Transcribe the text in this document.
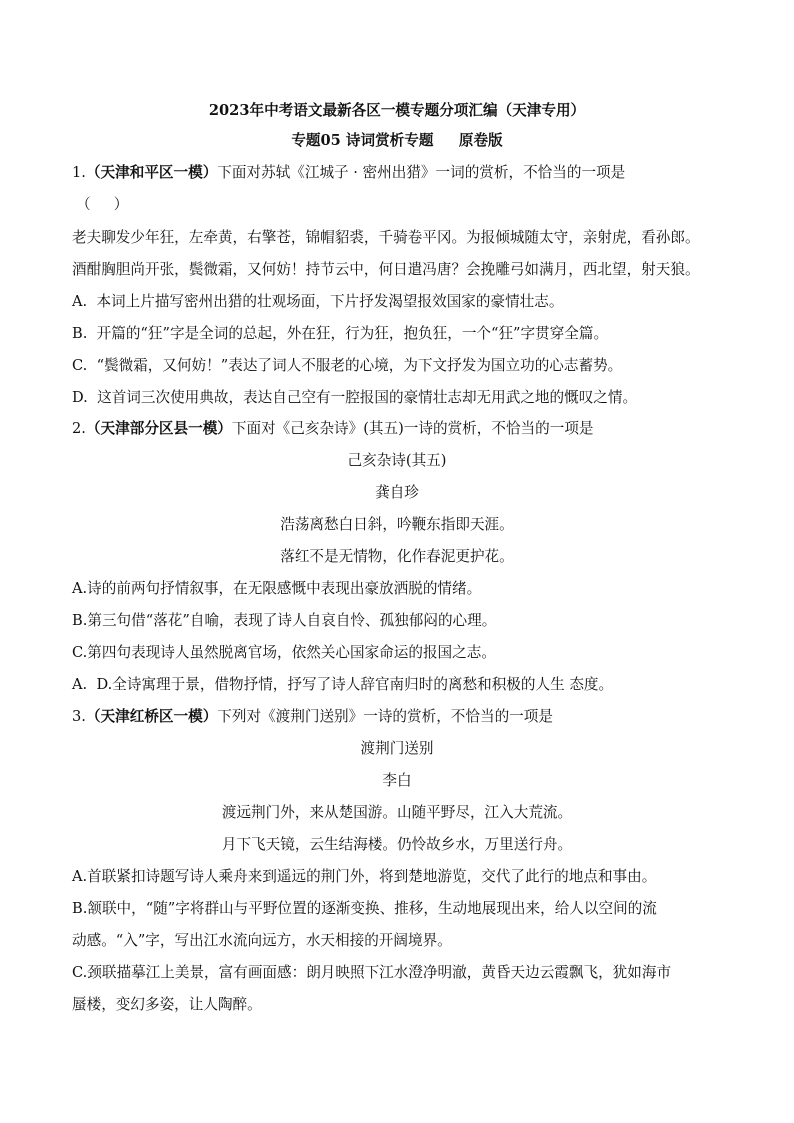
2023年中考语文最新各区一模专题分项汇编（天津专用）
专题05 诗词赏析专题     原卷版
1.（天津和平区一模）下面对苏轼《江城子 · 密州出猎》一词的赏析，不恰当的一项是
（     ）
老夫聊发少年狂，左牵黄，右擎苍，锦帽貂裘，千骑卷平冈。为报倾城随太守，亲射虎，看孙郎。
酒酣胸胆尚开张，鬓微霜，又何妨！持节云中，何日遣冯唐？会挽雕弓如满月，西北望，射天狼。
A.  本词上片描写密州出猎的壮观场面，下片抒发渴望报效国家的豪情壮志。
B.  开篇的“狂”字是全词的总起，外在狂，行为狂，抱负狂，一个“狂”字贯穿全篇。
C.  “鬓微霜，又何妨！”表达了词人不服老的心境，为下文抒发为国立功的心志蓄势。
D.  这首词三次使用典故，表达自己空有一腔报国的豪情壮志却无用武之地的慨叹之情。
2.（天津部分区县一模）下面对《己亥杂诗》(其五)一诗的赏析，不恰当的一项是
己亥杂诗(其五)
龚自珍
浩荡离愁白日斜，吟鞭东指即天涯。
落红不是无情物，化作春泥更护花。
A.诗的前两句抒情叙事，在无限感慨中表现出豪放洒脱的情绪。
B.第三句借“落花”自喻，表现了诗人自哀自怜、孤独郁闷的心理。
C.第四句表现诗人虽然脱离官场，依然关心国家命运的报国之志。
A.  D.全诗寓理于景，借物抒情，抒写了诗人辞官南归时的离愁和积极的人生 态度。
3.（天津红桥区一模）下列对《渡荆门送别》一诗的赏析，不恰当的一项是
渡荆门送别
李白
渡远荆门外，来从楚国游。山随平野尽，江入大荒流。
月下飞天镜，云生结海楼。仍怜故乡水，万里送行舟。
A.首联紧扣诗题写诗人乘舟来到遥远的荆门外，将到楚地游览，交代了此行的地点和事由。
B.颔联中，“随”字将群山与平野位置的逐渐变换、推移，生动地展现出来，给人以空间的流
动感。“入”字，写出江水流向远方，水天相接的开阔境界。
C.颈联描摹江上美景，富有画面感：朗月映照下江水澄净明澈，黄昏天边云霞飘飞，犹如海市
蜃楼，变幻多姿，让人陶醉。
